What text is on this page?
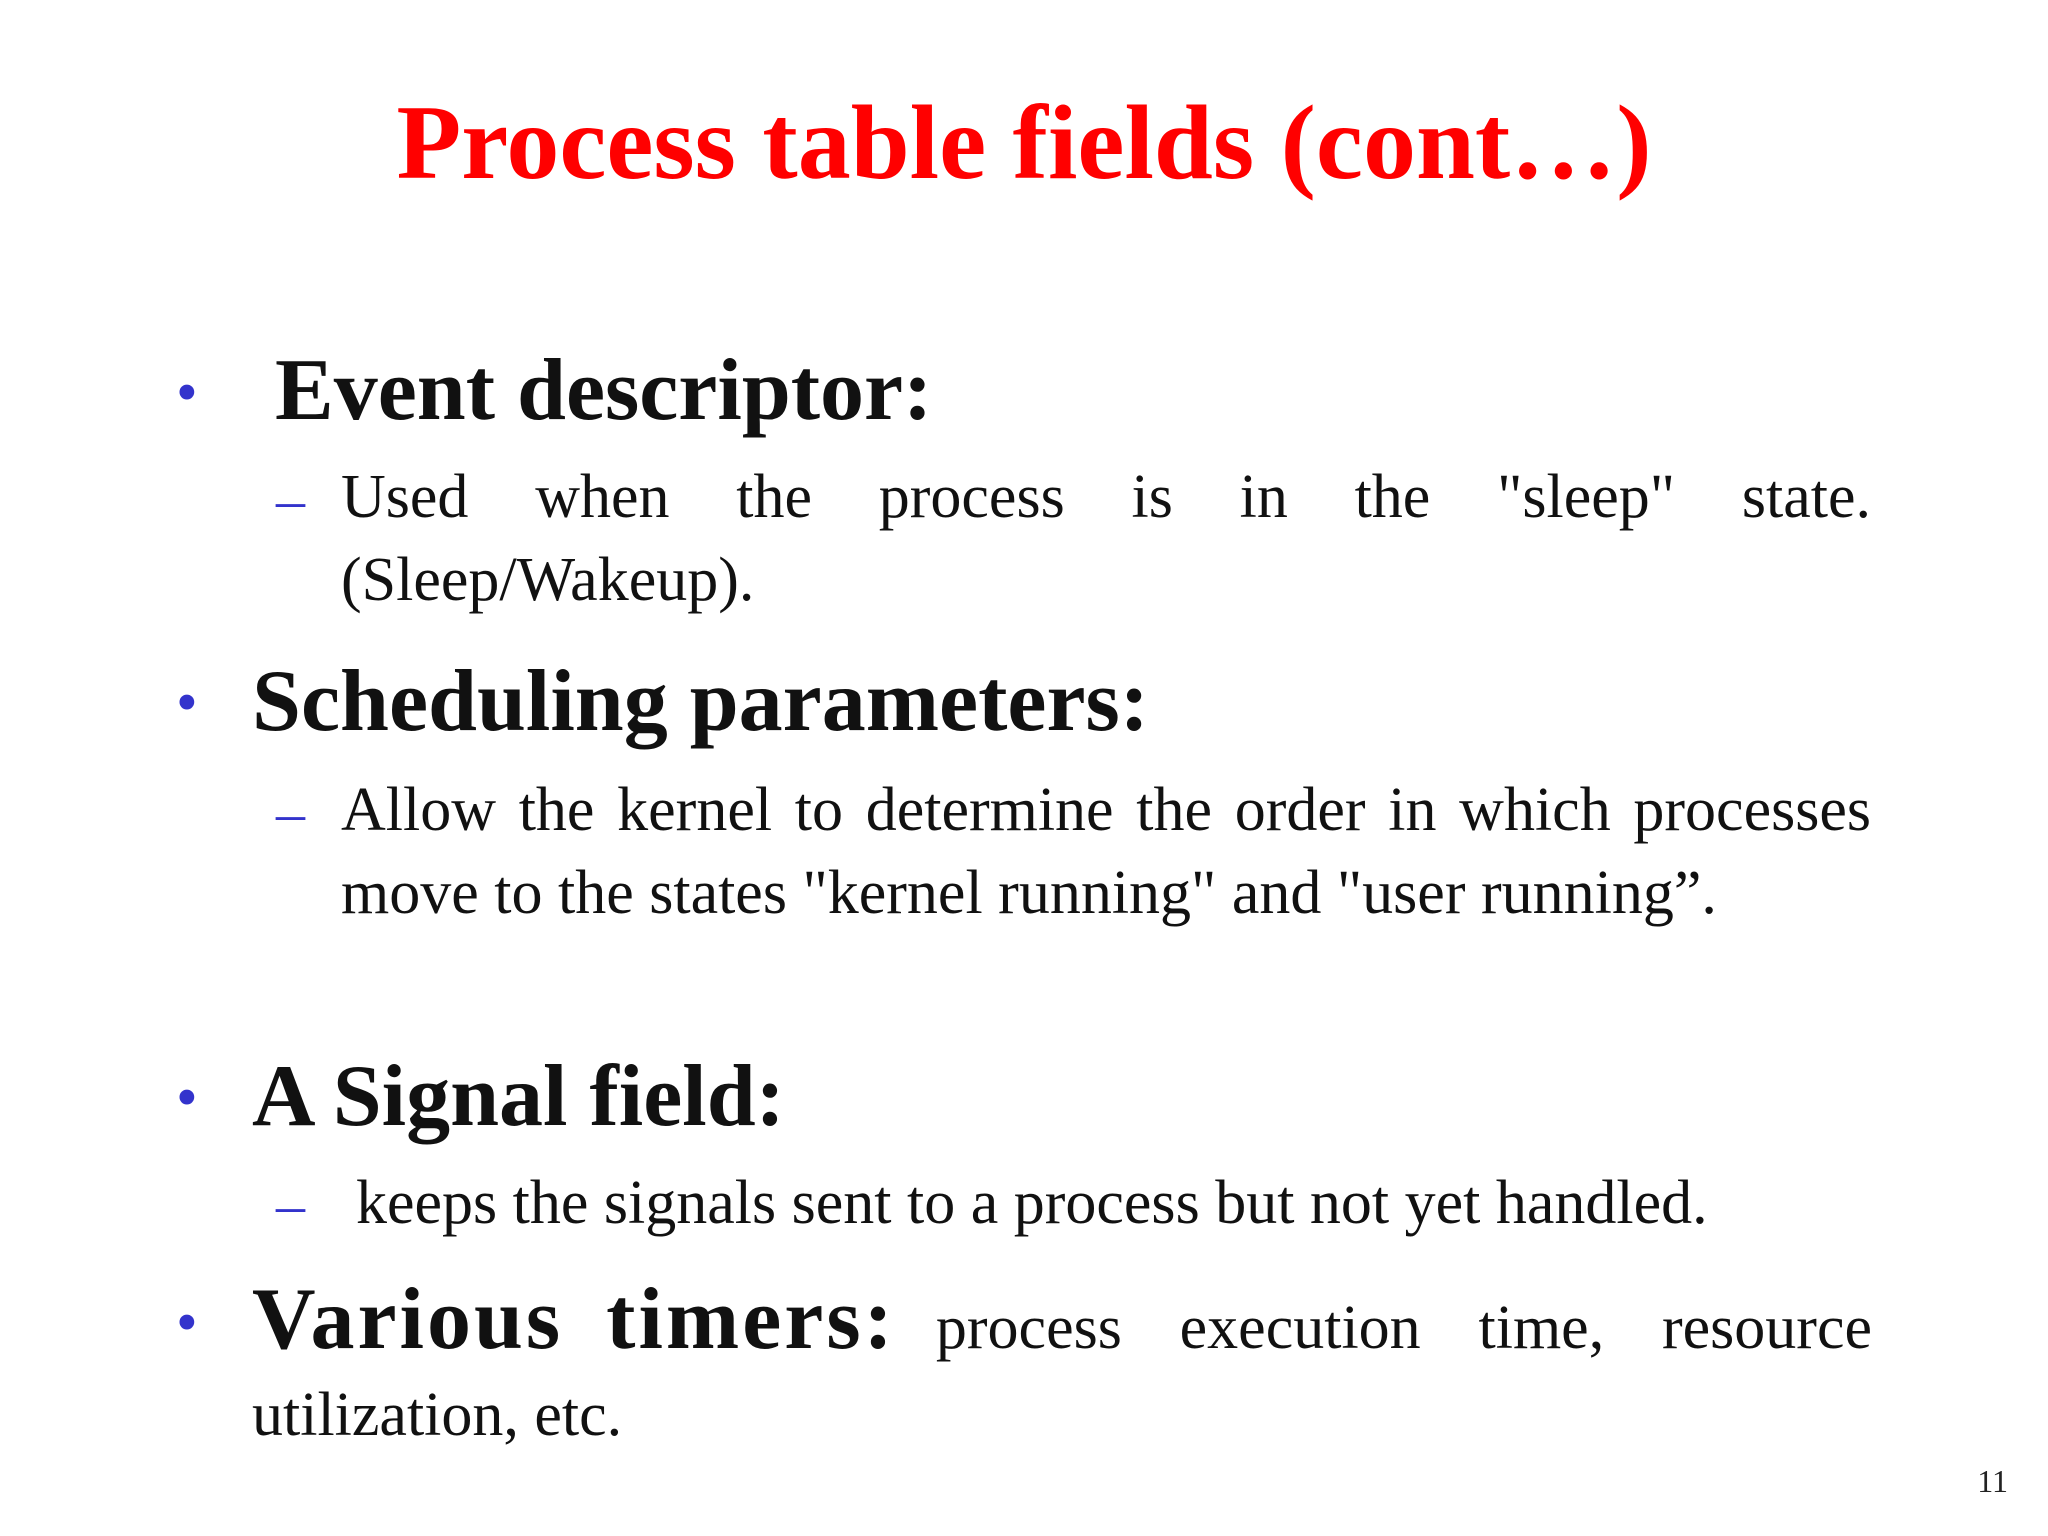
Process table fields (cont…)
• Event descriptor:
– Used when the process is in the "sleep" state. (Sleep/Wakeup).
• Scheduling parameters:
– Allow the kernel to determine the order in which processes move to the states "kernel running" and "user running”.
• A Signal field:
– keeps the signals sent to a process but not yet handled.
• Various timers: process execution time, resource
utilization, etc.
11
